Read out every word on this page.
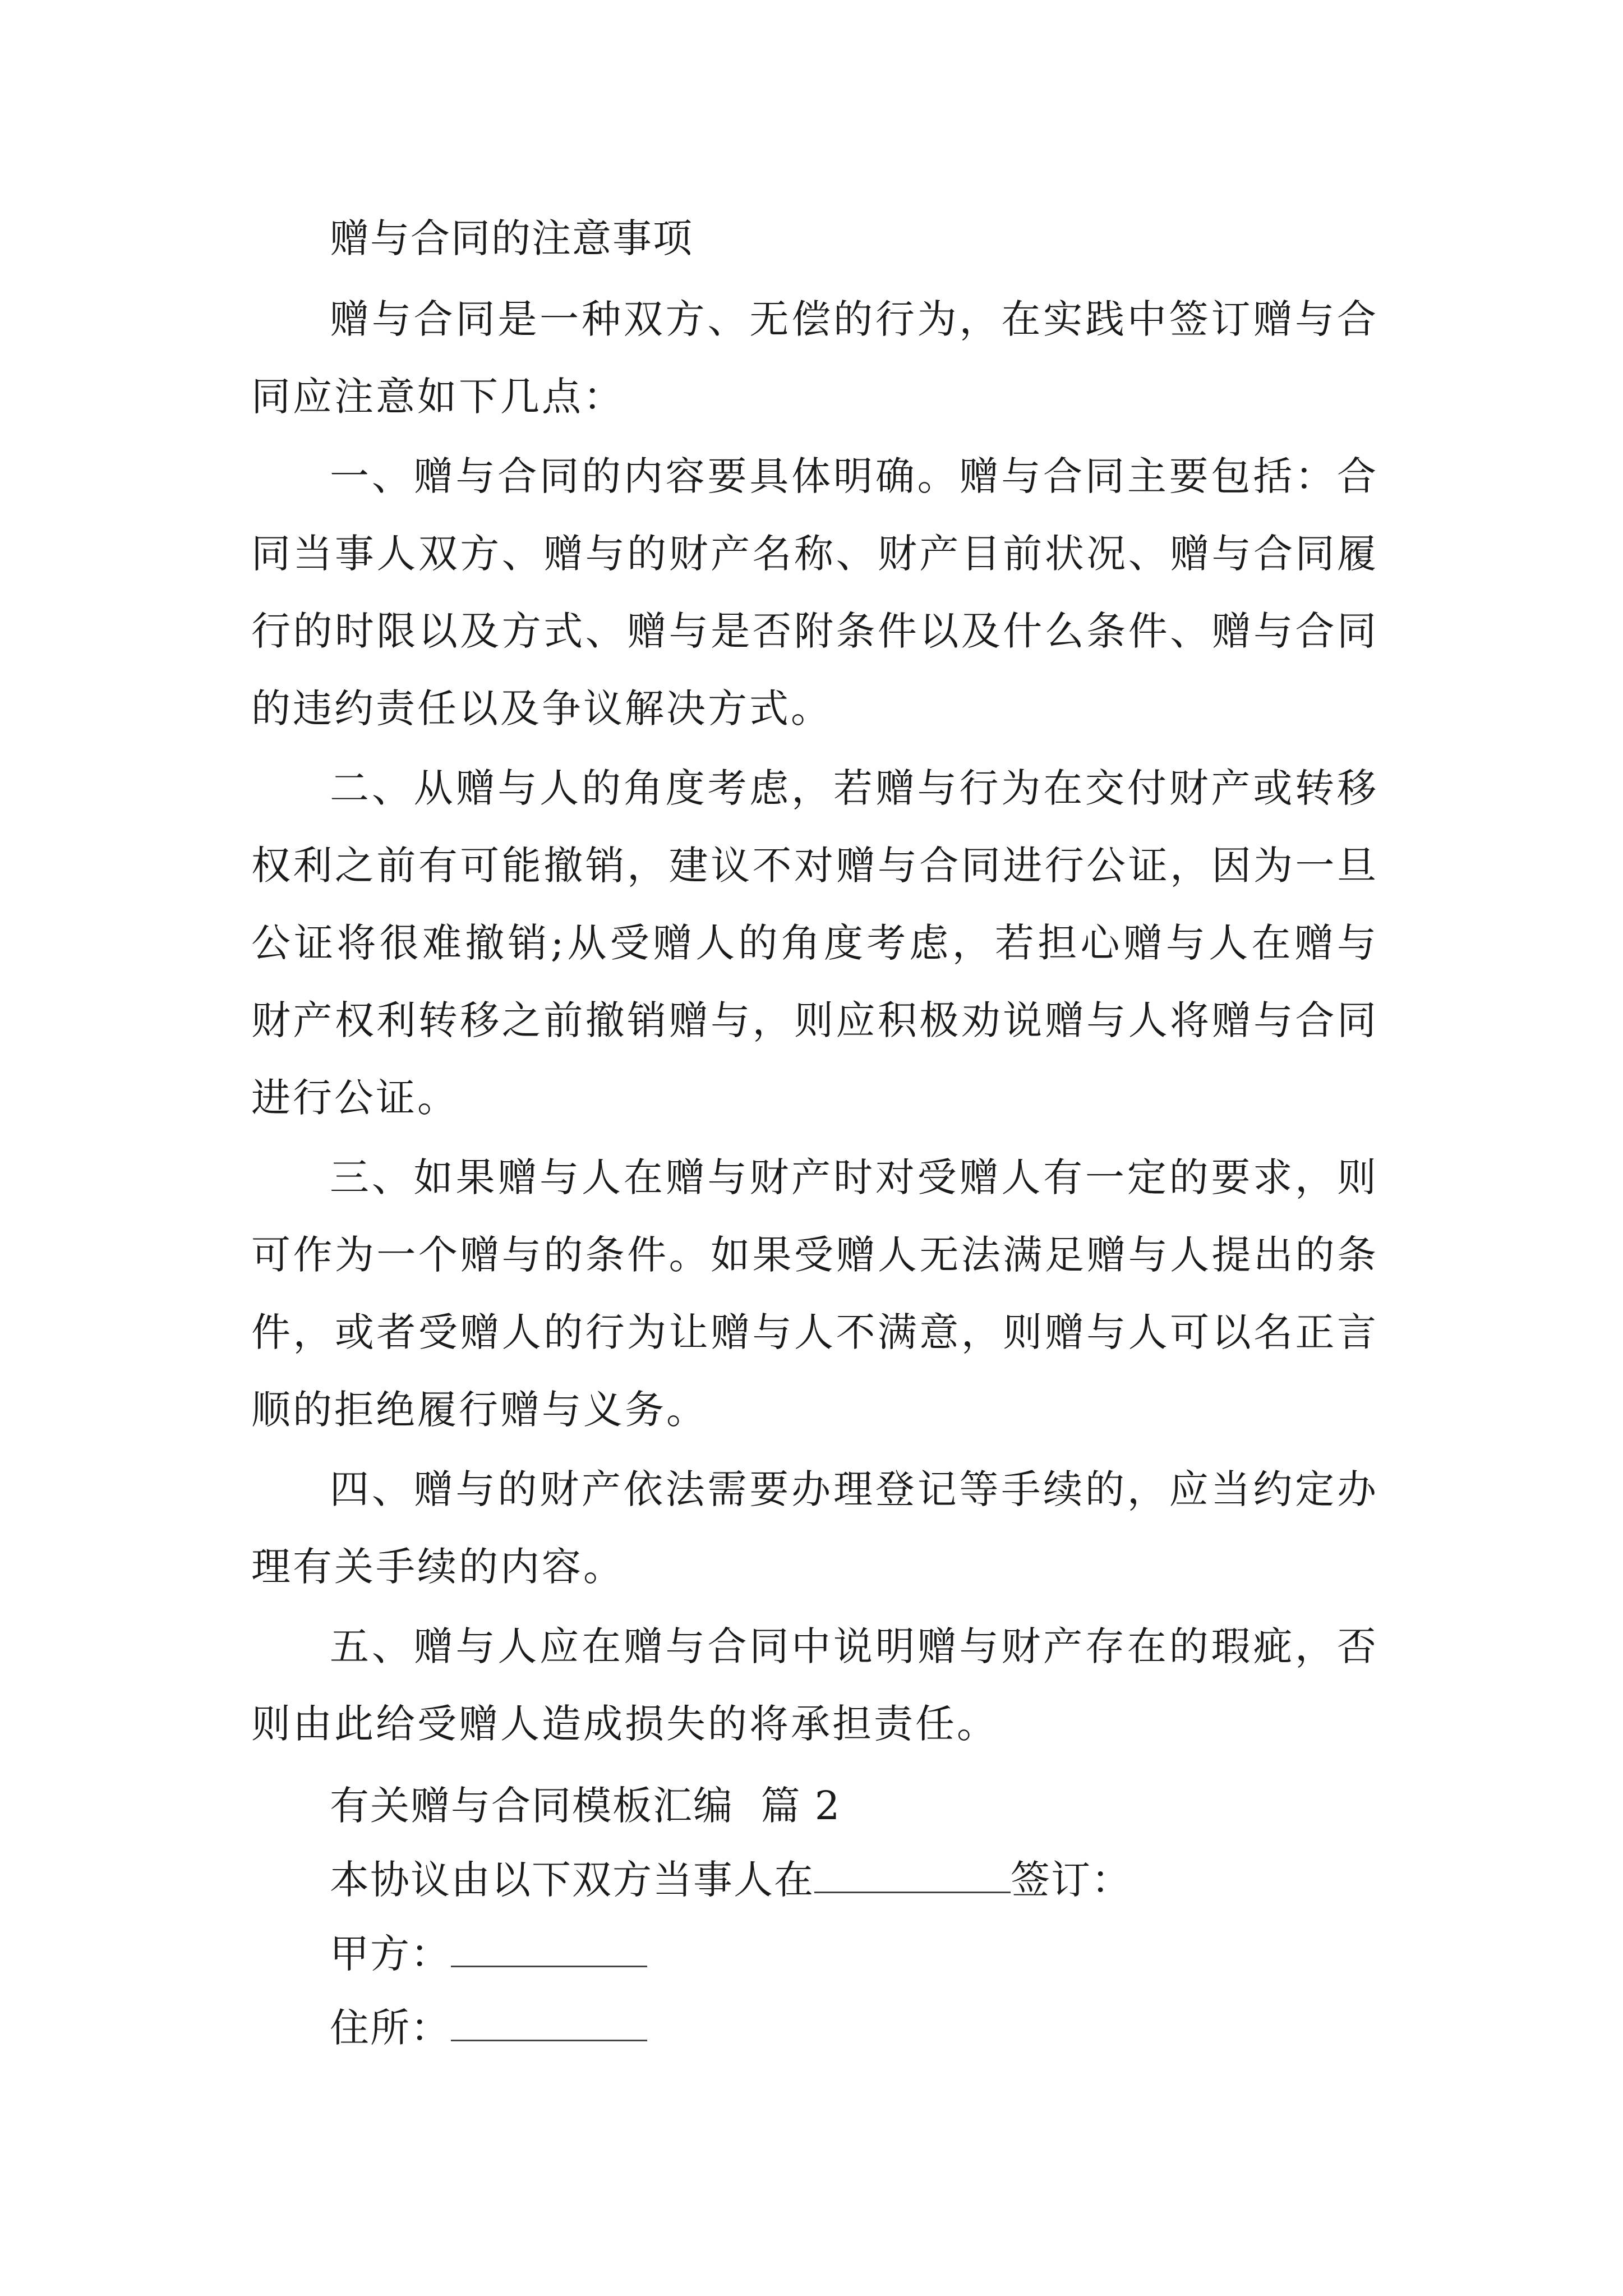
赠与合同的注意事项

赠与合同是一种双方、无偿的行为，在实践中签订赠与合同应注意如下几点：

一、赠与合同的内容要具体明确。赠与合同主要包括：合同当事人双方、赠与的财产名称、财产目前状况、赠与合同履行的时限以及方式、赠与是否附条件以及什么条件、赠与合同的违约责任以及争议解决方式。

二、从赠与人的角度考虑，若赠与行为在交付财产或转移权利之前有可能撤销，建议不对赠与合同进行公证，因为一旦公证将很难撤销;从受赠人的角度考虑，若担心赠与人在赠与财产权利转移之前撤销赠与，则应积极劝说赠与人将赠与合同进行公证。

三、如果赠与人在赠与财产时对受赠人有一定的要求，则可作为一个赠与的条件。如果受赠人无法满足赠与人提出的条件，或者受赠人的行为让赠与人不满意，则赠与人可以名正言顺的拒绝履行赠与义务。

四、赠与的财产依法需要办理登记等手续的，应当约定办理有关手续的内容。

五、赠与人应在赠与合同中说明赠与财产存在的瑕疵，否则由此给受赠人造成损失的将承担责任。

有关赠与合同模板汇编  篇 2
本协议由以下双方当事人在	签订：
甲方：
住所：
